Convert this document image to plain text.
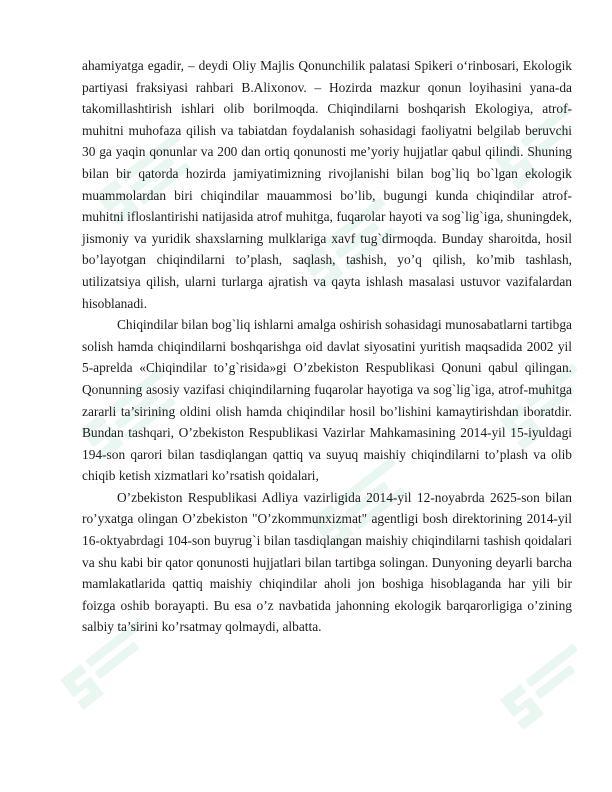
ahamiyatga egadir, – deydi Oliy Majlis Qonunchilik palatasi Spikeri o‘rinbosari, Ekologik partiyasi fraksiyasi rahbari B.Alixonov. – Hozirda mazkur qonun loyihasini yana-da takomillashtirish ishlari olib borilmoqda. Chiqindilarni boshqarish Ekologiya, atrof-muhitni muhofaza qilish va tabiatdan foydalanish sohasidagi faoliyatni belgilab beruvchi 30 ga yaqin qonunlar va 200 dan ortiq qonunosti me’yoriy hujjatlar qabul qilindi. Shuning bilan bir qatorda hozirda jamiyatimizning rivojlanishi bilan bog`liq bo`lgan ekologik muammolardan biri chiqindilar mauammosi bo’lib, bugungi kunda chiqindilar atrof-muhitni ifloslantirishi natijasida atrof muhitga, fuqarolar hayoti va sog`lig`iga, shuningdek, jismoniy va yuridik shaxslarning mulklariga xavf tug`dirmoqda. Bunday sharoitda, hosil bo’layotgan chiqindilarni to’plash, saqlash, tashish, yo’q qilish, ko’mib tashlash, utilizatsiya qilish, ularni turlarga ajratish va qayta ishlash masalasi ustuvor vazifalardan hisoblanadi.

Chiqindilar bilan bog`liq ishlarni amalga oshirish sohasidagi munosabatlarni tartibga solish hamda chiqindilarni boshqarishga oid davlat siyosatini yuritish maqsadida 2002 yil 5-aprelda «Chiqindilar to’g`risida»gi O’zbekiston Respublikasi Qonuni qabul qilingan. Qonunning asosiy vazifasi chiqindilarning fuqarolar hayotiga va sog`lig`iga, atrof-muhitga zararli ta’sirining oldini olish hamda chiqindilar hosil bo’lishini kamaytirishdan iboratdir. Bundan tashqari, O’zbekiston Respublikasi Vazirlar Mahkamasining 2014-yil 15-iyuldagi 194-son qarori bilan tasdiqlangan qattiq va suyuq maishiy chiqindilarni to’plash va olib chiqib ketish xizmatlari ko’rsatish qoidalari,

O’zbekiston Respublikasi Adliya vazirligida 2014-yil 12-noyabrda 2625-son bilan ro’yxatga olingan O’zbekiston "O’zkommunxizmat" agentligi bosh direktorining 2014-yil 16-oktyabrdagi 104-son buyrug`i bilan tasdiqlangan maishiy chiqindilarni tashish qoidalari va shu kabi bir qator qonunosti hujjatlari bilan tartibga solingan. Dunyoning deyarli barcha mamlakatlarida qattiq maishiy chiqindilar aholi jon boshiga hisoblaganda har yili bir foizga oshib borayapti. Bu esa o’z navbatida jahonning ekologik barqarorligiga o’zining salbiy ta’sirini ko’rsatmay qolmaydi, albatta.
